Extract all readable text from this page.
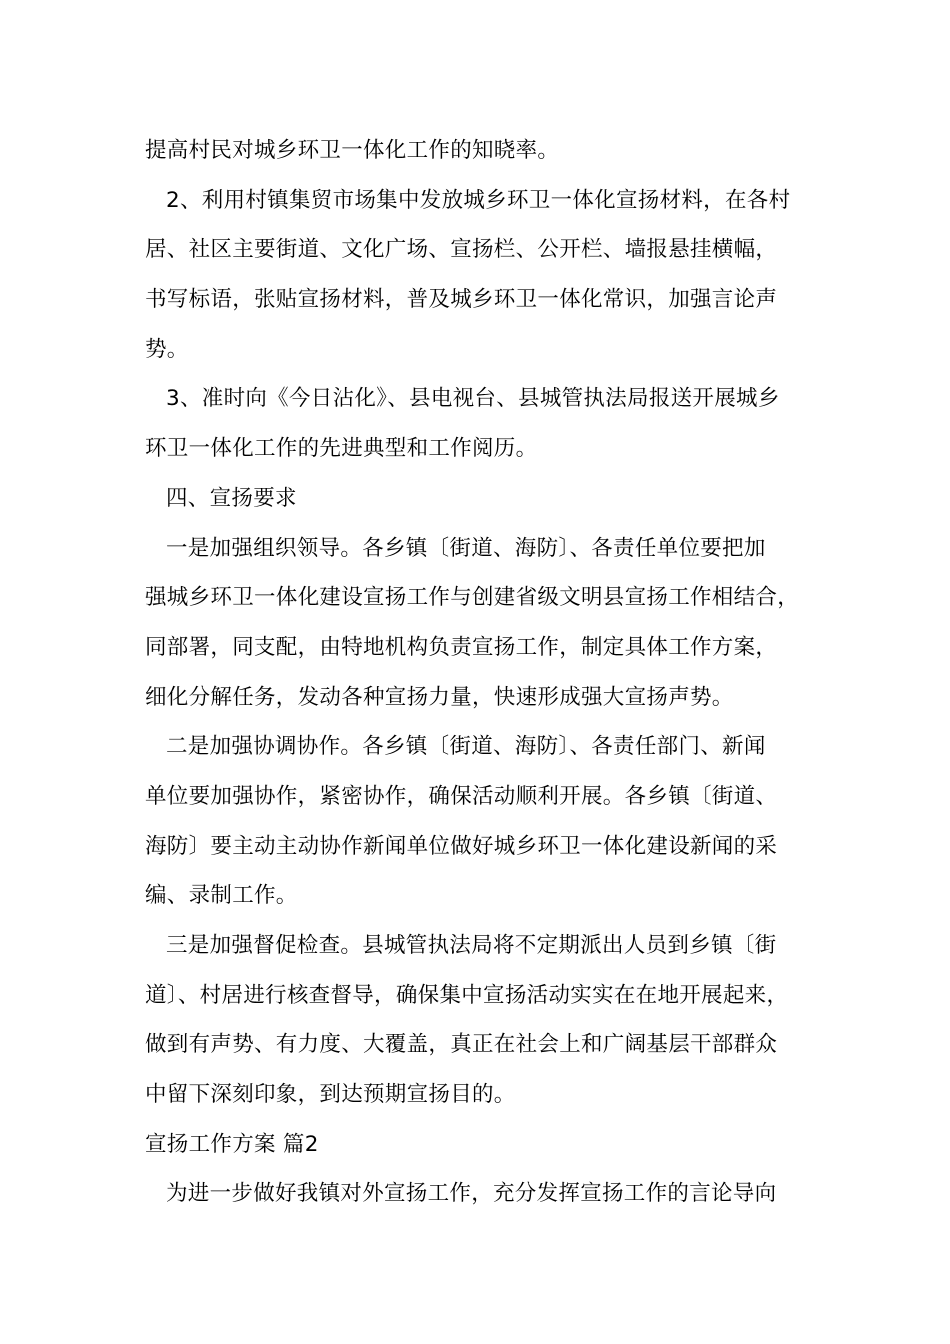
提高村民对城乡环卫一体化工作的知晓率。
2、利用村镇集贸市场集中发放城乡环卫一体化宣扬材料，在各村
居、社区主要街道、文化广场、宣扬栏、公开栏、墙报悬挂横幅，
书写标语，张贴宣扬材料，普及城乡环卫一体化常识，加强言论声
势。
3、准时向《今日沾化》、县电视台、县城管执法局报送开展城乡
环卫一体化工作的先进典型和工作阅历。
四、宣扬要求
一是加强组织领导。各乡镇〔街道、海防〕、各责任单位要把加
强城乡环卫一体化建设宣扬工作与创建省级文明县宣扬工作相结合，
同部署，同支配，由特地机构负责宣扬工作，制定具体工作方案，
细化分解任务，发动各种宣扬力量，快速形成强大宣扬声势。
二是加强协调协作。各乡镇〔街道、海防〕、各责任部门、新闻
单位要加强协作，紧密协作，确保活动顺利开展。各乡镇〔街道、
海防〕要主动主动协作新闻单位做好城乡环卫一体化建设新闻的采
编、录制工作。
三是加强督促检查。县城管执法局将不定期派出人员到乡镇〔街
道〕、村居进行核查督导，确保集中宣扬活动实实在在地开展起来，
做到有声势、有力度、大覆盖，真正在社会上和广阔基层干部群众
中留下深刻印象，到达预期宣扬目的。
宣扬工作方案 篇2
为进一步做好我镇对外宣扬工作，充分发挥宣扬工作的言论导向
